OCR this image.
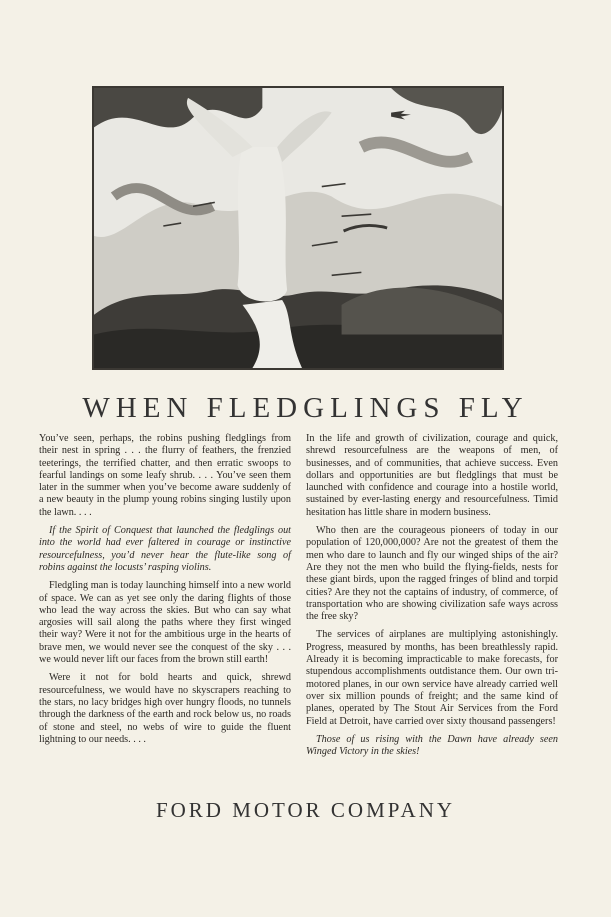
WHEN FLEDGLINGS FLY

You’ve seen, perhaps, the robins pushing fledglings from their nest in spring . . . the flurry of feathers, the frenzied teeterings, the terrified chatter, and then erratic swoops to fearful landings on some leafy shrub. . . . You’ve seen them later in the summer when you’ve become aware suddenly of a new beauty in the plump young robins singing lustily upon the lawn. . . .

If the Spirit of Conquest that launched the fledglings out into the world had ever faltered in courage or instinctive resourcefulness, you’d never hear the flute-like song of robins against the locusts’ rasping violins.

Fledgling man is today launching himself into a new world of space. We can as yet see only the daring flights of those who lead the way across the skies. But who can say what argosies will sail along the paths where they first winged their way? Were it not for the ambitious urge in the hearts of brave men, we would never see the conquest of the sky . . . we would never lift our faces from the brown still earth!

Were it not for bold hearts and quick, shrewd resourcefulness, we would have no skyscrapers reaching to the stars, no lacy bridges high over hungry floods, no tunnels through the darkness of the earth and rock below us, no roads of stone and steel, no webs of wire to guide the fluent lightning to our needs. . . .

In the life and growth of civilization, courage and quick, shrewd resourcefulness are the weapons of men, of businesses, and of communities, that achieve success. Even dollars and opportunities are but fledglings that must be launched with confidence and courage into a hostile world, sustained by ever-lasting energy and resourcefulness. Timid hesitation has little share in modern business.

Who then are the courageous pioneers of today in our population of 120,000,000? Are not the greatest of them the men who dare to launch and fly our winged ships of the air? Are they not the men who build the flying-fields, nests for these giant birds, upon the ragged fringes of blind and torpid cities? Are they not the captains of industry, of commerce, of transportation who are showing civilization safe ways across the free sky?

The services of airplanes are multiplying astonishingly. Progress, measured by months, has been breathlessly rapid. Already it is becoming impracticable to make forecasts, for stupendous accomplishments outdistance them. Our own tri-motored planes, in our own service have already carried well over six million pounds of freight; and the same kind of planes, operated by The Stout Air Services from the Ford Field at Detroit, have carried over sixty thousand passengers!

Those of us rising with the Dawn have already seen Winged Victory in the skies!

FORD MOTOR COMPANY
